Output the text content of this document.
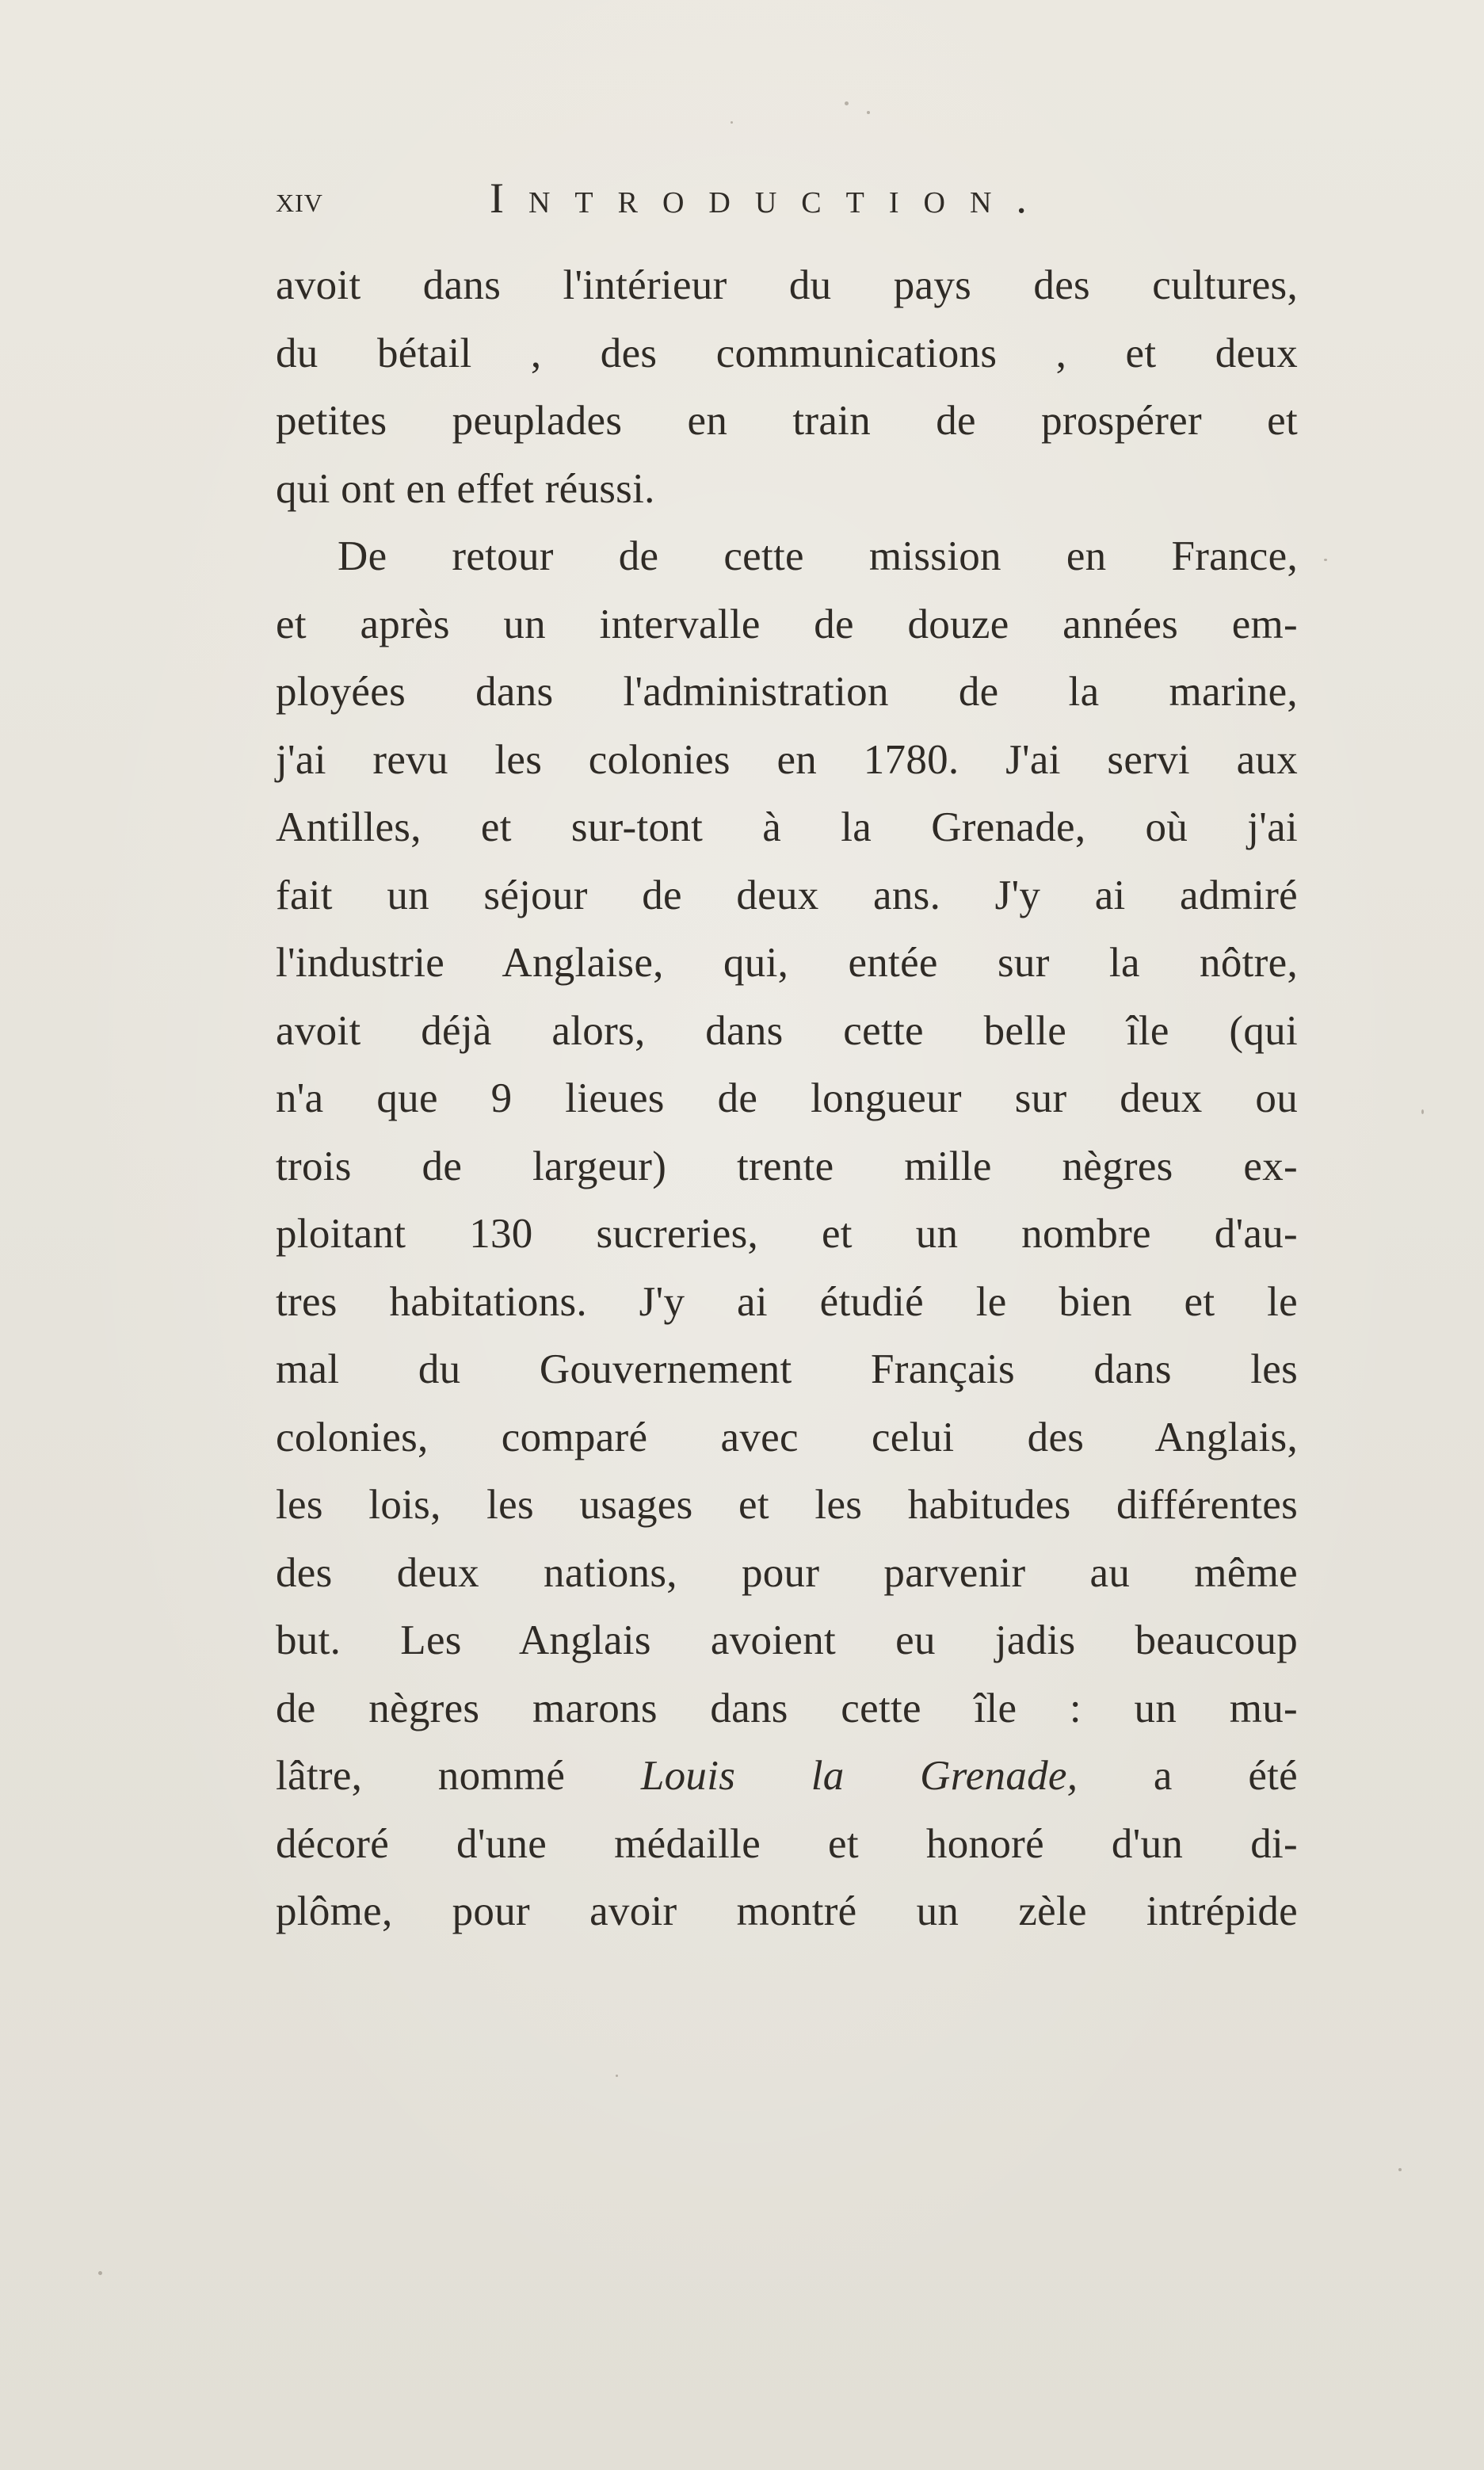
xiv	Introduction.
avoit dans l'intérieur du pays des cultures,
du bétail , des communications , et deux
petites peuplades en train de prospérer et
qui ont en effet réussi.
De retour de cette mission en France,
et après un intervalle de douze années em-
ployées dans l'administration de la marine,
j'ai revu les colonies en 1780. J'ai servi aux
Antilles, et sur-tont à la Grenade, où j'ai
fait un séjour de deux ans. J'y ai admiré
l'industrie Anglaise, qui, entée sur la nôtre,
avoit déjà alors, dans cette belle île (qui
n'a que 9 lieues de longueur sur deux ou
trois de largeur) trente mille nègres ex-
ploitant 130 sucreries, et un nombre d'au-
tres habitations. J'y ai étudié le bien et le
mal du Gouvernement Français dans les
colonies, comparé avec celui des Anglais,
les lois, les usages et les habitudes différentes
des deux nations, pour parvenir au même
but. Les Anglais avoient eu jadis beaucoup
de nègres marons dans cette île : un mu-
lâtre, nommé Louis la Grenade, a été
décoré d'une médaille et honoré d'un di-
plôme, pour avoir montré un zèle intrépide
